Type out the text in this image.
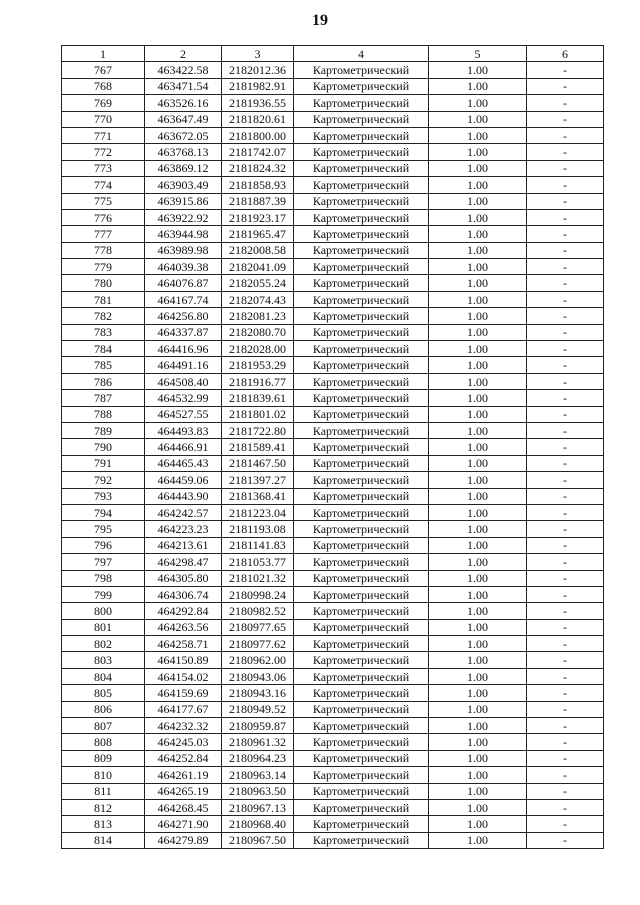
19
1	2	3	4	5	6
767	463422.58	2182012.36	Картометрический	1.00	-
768	463471.54	2181982.91	Картометрический	1.00	-
769	463526.16	2181936.55	Картометрический	1.00	-
770	463647.49	2181820.61	Картометрический	1.00	-
771	463672.05	2181800.00	Картометрический	1.00	-
772	463768.13	2181742.07	Картометрический	1.00	-
773	463869.12	2181824.32	Картометрический	1.00	-
774	463903.49	2181858.93	Картометрический	1.00	-
775	463915.86	2181887.39	Картометрический	1.00	-
776	463922.92	2181923.17	Картометрический	1.00	-
777	463944.98	2181965.47	Картометрический	1.00	-
778	463989.98	2182008.58	Картометрический	1.00	-
779	464039.38	2182041.09	Картометрический	1.00	-
780	464076.87	2182055.24	Картометрический	1.00	-
781	464167.74	2182074.43	Картометрический	1.00	-
782	464256.80	2182081.23	Картометрический	1.00	-
783	464337.87	2182080.70	Картометрический	1.00	-
784	464416.96	2182028.00	Картометрический	1.00	-
785	464491.16	2181953.29	Картометрический	1.00	-
786	464508.40	2181916.77	Картометрический	1.00	-
787	464532.99	2181839.61	Картометрический	1.00	-
788	464527.55	2181801.02	Картометрический	1.00	-
789	464493.83	2181722.80	Картометрический	1.00	-
790	464466.91	2181589.41	Картометрический	1.00	-
791	464465.43	2181467.50	Картометрический	1.00	-
792	464459.06	2181397.27	Картометрический	1.00	-
793	464443.90	2181368.41	Картометрический	1.00	-
794	464242.57	2181223.04	Картометрический	1.00	-
795	464223.23	2181193.08	Картометрический	1.00	-
796	464213.61	2181141.83	Картометрический	1.00	-
797	464298.47	2181053.77	Картометрический	1.00	-
798	464305.80	2181021.32	Картометрический	1.00	-
799	464306.74	2180998.24	Картометрический	1.00	-
800	464292.84	2180982.52	Картометрический	1.00	-
801	464263.56	2180977.65	Картометрический	1.00	-
802	464258.71	2180977.62	Картометрический	1.00	-
803	464150.89	2180962.00	Картометрический	1.00	-
804	464154.02	2180943.06	Картометрический	1.00	-
805	464159.69	2180943.16	Картометрический	1.00	-
806	464177.67	2180949.52	Картометрический	1.00	-
807	464232.32	2180959.87	Картометрический	1.00	-
808	464245.03	2180961.32	Картометрический	1.00	-
809	464252.84	2180964.23	Картометрический	1.00	-
810	464261.19	2180963.14	Картометрический	1.00	-
811	464265.19	2180963.50	Картометрический	1.00	-
812	464268.45	2180967.13	Картометрический	1.00	-
813	464271.90	2180968.40	Картометрический	1.00	-
814	464279.89	2180967.50	Картометрический	1.00	-
